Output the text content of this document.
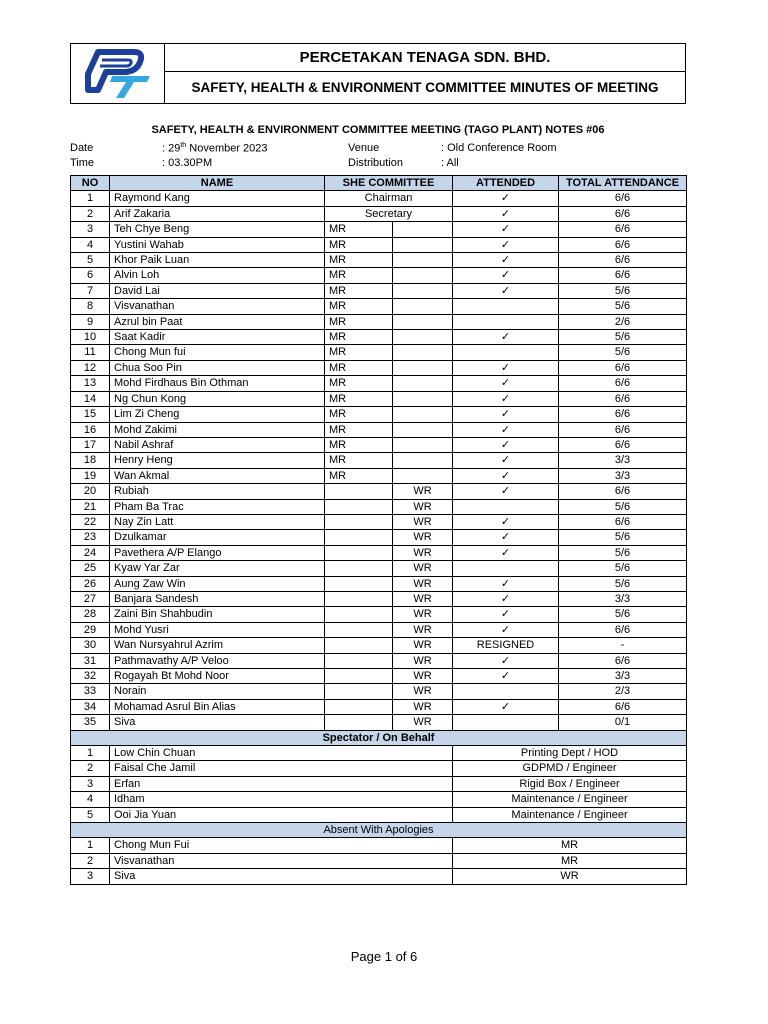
PERCETAKAN TENAGA SDN. BHD.
SAFETY, HEALTH & ENVIRONMENT COMMITTEE MINUTES OF MEETING
SAFETY, HEALTH & ENVIRONMENT COMMITTEE MEETING (TAGO PLANT) NOTES #06
Date	: 29th November 2023	Venue	: Old Conference Room
Time	: 03.30PM	Distribution	: All
NO	NAME	SHE COMMITTEE		ATTENDED	TOTAL ATTENDANCE
1	Raymond Kang	Chairman		✓	6/6
2	Arif Zakaria	Secretary		✓	6/6
3	Teh Chye Beng	MR		✓	6/6
4	Yustini Wahab	MR		✓	6/6
5	Khor Paik Luan	MR		✓	6/6
6	Alvin Loh	MR		✓	6/6
7	David Lai	MR		✓	5/6
8	Visvanathan	MR			5/6
9	Azrul bin Paat	MR			2/6
10	Saat Kadir	MR		✓	5/6
11	Chong Mun fui	MR			5/6
12	Chua Soo Pin	MR		✓	6/6
13	Mohd Firdhaus Bin Othman	MR		✓	6/6
14	Ng Chun Kong	MR		✓	6/6
15	Lim Zi Cheng	MR		✓	6/6
16	Mohd Zakimi	MR		✓	6/6
17	Nabil Ashraf	MR		✓	6/6
18	Henry Heng	MR		✓	3/3
19	Wan Akmal	MR		✓	3/3
20	Rubiah		WR	✓	6/6
21	Pham Ba Trac		WR		5/6
22	Nay Zin Latt		WR	✓	6/6
23	Dzulkamar		WR	✓	5/6
24	Pavethera A/P Elango		WR	✓	5/6
25	Kyaw Yar Zar		WR		5/6
26	Aung Zaw Win		WR	✓	5/6
27	Banjara Sandesh		WR	✓	3/3
28	Zaini Bin Shahbudin		WR	✓	5/6
29	Mohd Yusri		WR	✓	6/6
30	Wan Nursyahrul Azrim		WR	RESIGNED	-
31	Pathmavathy A/P Veloo		WR	✓	6/6
32	Rogayah Bt Mohd Noor		WR	✓	3/3
33	Norain		WR		2/3
34	Mohamad Asrul Bin Alias		WR	✓	6/6
35	Siva		WR		0/1
Spectator / On Behalf					
1	Low Chin Chuan			Printing Dept / HOD	
2	Faisal Che Jamil			GDPMD / Engineer	
3	Erfan			Rigid Box / Engineer	
4	Idham			Maintenance / Engineer	
5	Ooi Jia Yuan			Maintenance / Engineer	
Absent With Apologies					
1	Chong Mun Fui			MR	
2	Visvanathan			MR	
3	Siva			WR	
Page 1 of 6
